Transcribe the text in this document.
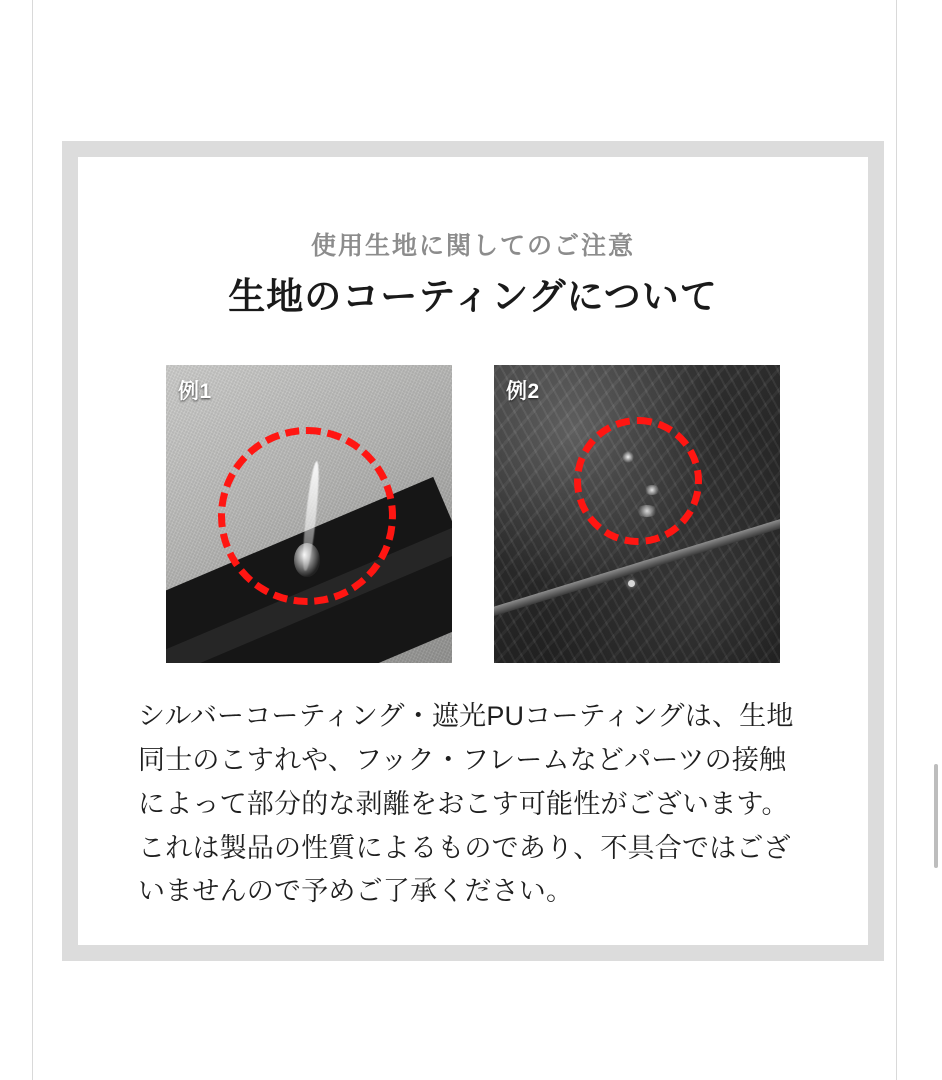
使用生地に関してのご注意
生地のコーティングについて
例1	例2

シルバーコーティング・遮光PUコーティングは、生地同士のこすれや、フック・フレームなどパーツの接触によって部分的な剥離をおこす可能性がございます。

これは製品の性質によるものであり、不具合ではございませんので予めご了承ください。
